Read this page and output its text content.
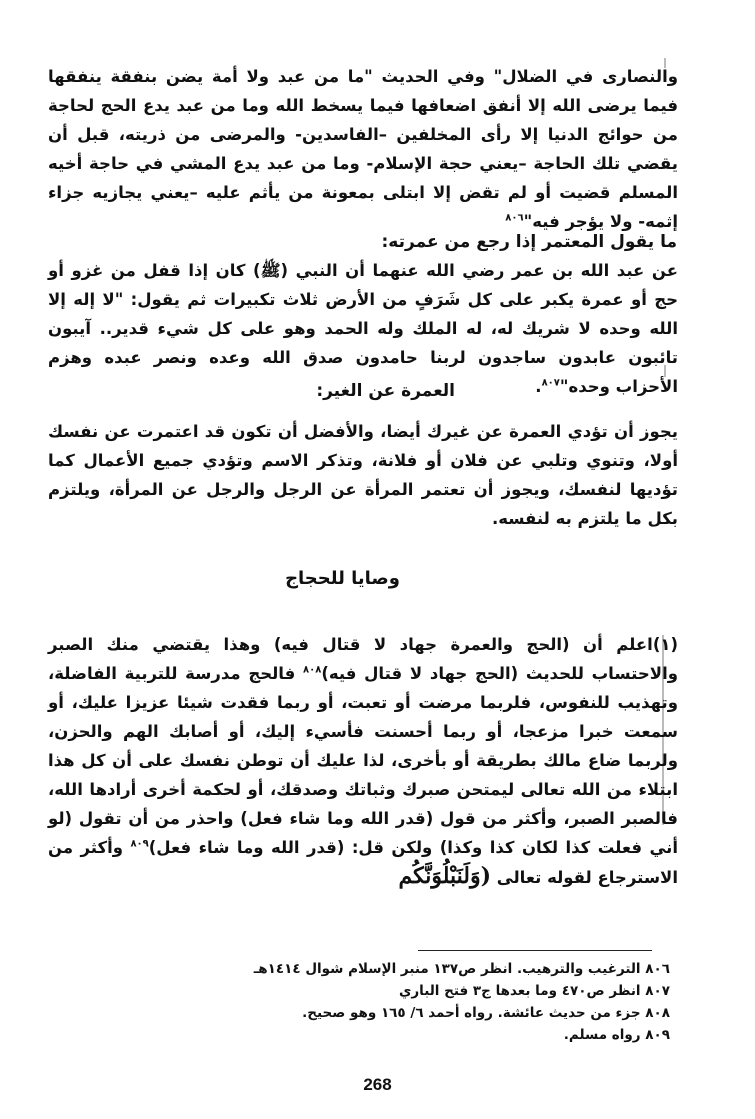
والنصارى في الضلال" وفي الحديث "ما من عبد ولا أمة يضن بنفقة ينفقها فيما يرضى الله إلا أنفق اضعافها فيما يسخط الله وما من عبد يدع الحج لحاجة من حوائج الدنيا إلا رأى المخلفين –الفاسدين- والمرضى من ذريته، قبل أن يقضي تلك الحاجة –يعني حجة الإسلام- وما من عبد يدع المشي في حاجة أخيه المسلم قضيت أو لم تقض إلا ابتلى بمعونة من يأثم عليه –يعني يجازيه جزاء إثمه- ولا يؤجر فيه"$^{٨٠٦}$

ما يقول المعتمر إذا رجع من عمرته:

عن عبد الله بن عمر رضي الله عنهما أن النبي (ﷺ) كان إذا قفل من غزو أو حج أو عمرة يكبر على كل شَرَفٍ من الأرض ثلاث تكبيرات ثم يقول: "لا إله إلا الله وحده لا شريك له، له الملك وله الحمد وهو على كل شيء قدير.. آيبون تائبون عابدون ساجدون لربنا حامدون صدق الله وعده ونصر عبده وهزم الأحزاب وحده"$^{٨٠٧}$.

العمرة عن الغير:

يجوز أن تؤدي العمرة عن غيرك أيضا، والأفضل أن تكون قد اعتمرت عن نفسك أولا، وتنوي وتلبي عن فلان أو فلانة، وتذكر الاسم وتؤدي جميع الأعمال كما تؤديها لنفسك، ويجوز أن تعتمر المرأة عن الرجل والرجل عن المرأة، ويلتزم بكل ما يلتزم به لنفسه.

وصايا للحجاج

(١)اعلم أن (الحج والعمرة جهاد لا قتال فيه) وهذا يقتضي منك الصبر والاحتساب للحديث (الحج جهاد لا قتال فيه)$^{٨٠٨}$ فالحج مدرسة للتربية الفاضلة، وتهذيب للنفوس، فلربما مرضت أو تعبت، أو ربما فقدت شيئا عزيزا عليك، أو سمعت خبرا مزعجا، أو ربما أحسنت فأسيء إليك، أو أصابك الهم والحزن، ولربما ضاع مالك بطريقة أو بأخرى، لذا عليك أن توطن نفسك على أن كل هذا ابتلاء من الله تعالى ليمتحن صبرك وثباتك وصدقك، أو لحكمة أخرى أرادها الله، فالصبر الصبر، وأكثر من قول (قدر الله وما شاء فعل) واحذر من أن تقول (لو أني فعلت كذا لكان كذا وكذا) ولكن قل: (قدر الله وما شاء فعل)$^{٨٠٩}$ وأكثر من الاسترجاع لقوله تعالى (وَلَنَبْلُوَنَّكُم

٨٠٦ الترغيب والترهيب. انظر ص١٣٧ منبر الإسلام شوال ١٤١٤هـ

٨٠٧ انظر ص٤٧٠ وما بعدها ج٣ فتح الباري

٨٠٨ جزء من حديث عائشة. رواه أحمد ٦/ ١٦٥ وهو صحيح.

٨٠٩ رواه مسلم.

268
